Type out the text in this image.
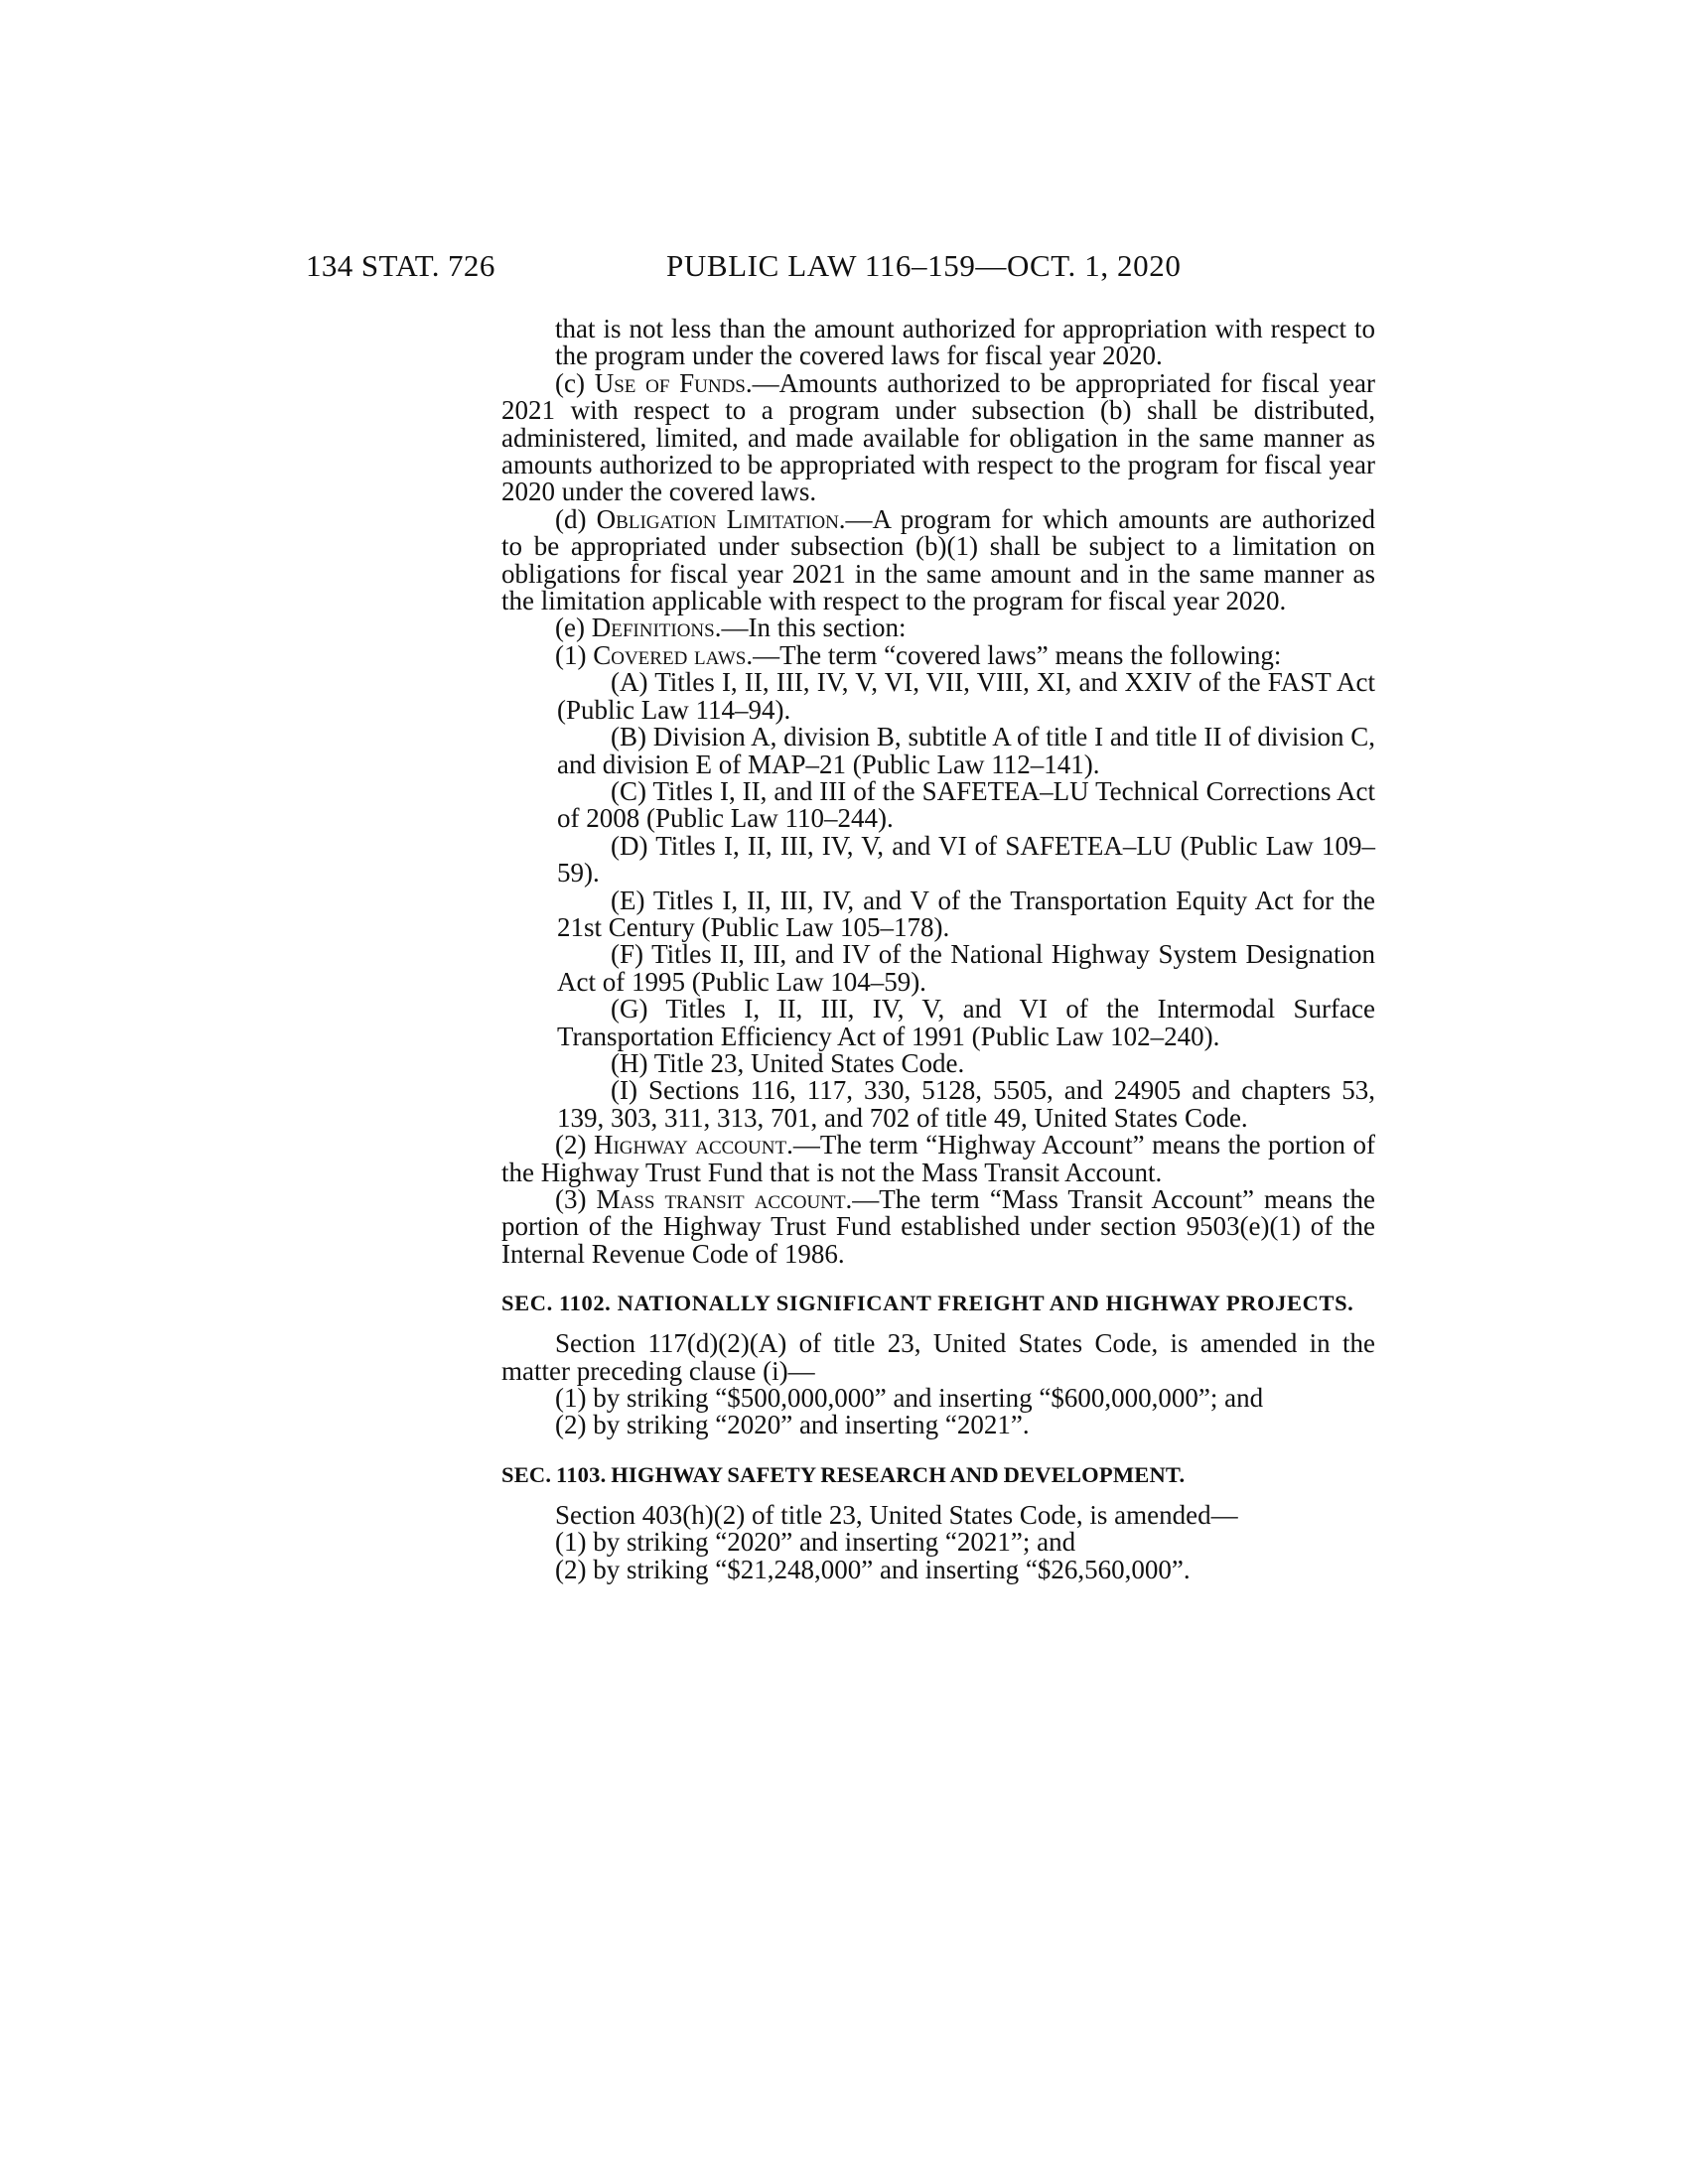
134 STAT. 726	PUBLIC LAW 116–159—OCT. 1, 2020

that is not less than the amount authorized for appropriation with respect to the program under the covered laws for fiscal year 2020.

(c) Use of Funds.—Amounts authorized to be appropriated for fiscal year 2021 with respect to a program under subsection (b) shall be distributed, administered, limited, and made available for obligation in the same manner as amounts authorized to be appropriated with respect to the program for fiscal year 2020 under the covered laws.

(d) Obligation Limitation.—A program for which amounts are authorized to be appropriated under subsection (b)(1) shall be subject to a limitation on obligations for fiscal year 2021 in the same amount and in the same manner as the limitation applicable with respect to the program for fiscal year 2020.

(e) Definitions.—In this section:

(1) Covered laws.—The term “covered laws” means the following:

(A) Titles I, II, III, IV, V, VI, VII, VIII, XI, and XXIV of the FAST Act (Public Law 114–94).

(B) Division A, division B, subtitle A of title I and title II of division C, and division E of MAP–21 (Public Law 112–141).

(C) Titles I, II, and III of the SAFETEA–LU Technical Corrections Act of 2008 (Public Law 110–244).

(D) Titles I, II, III, IV, V, and VI of SAFETEA–LU (Public Law 109–59).

(E) Titles I, II, III, IV, and V of the Transportation Equity Act for the 21st Century (Public Law 105–178).

(F) Titles II, III, and IV of the National Highway System Designation Act of 1995 (Public Law 104–59).

(G) Titles I, II, III, IV, V, and VI of the Intermodal Surface Transportation Efficiency Act of 1991 (Public Law 102–240).

(H) Title 23, United States Code.

(I) Sections 116, 117, 330, 5128, 5505, and 24905 and chapters 53, 139, 303, 311, 313, 701, and 702 of title 49, United States Code.

(2) Highway account.—The term “Highway Account” means the portion of the Highway Trust Fund that is not the Mass Transit Account.

(3) Mass transit account.—The term “Mass Transit Account” means the portion of the Highway Trust Fund established under section 9503(e)(1) of the Internal Revenue Code of 1986.

SEC. 1102. NATIONALLY SIGNIFICANT FREIGHT AND HIGHWAY PROJECTS.

Section 117(d)(2)(A) of title 23, United States Code, is amended in the matter preceding clause (i)—

(1) by striking “$500,000,000” and inserting “$600,000,000”; and

(2) by striking “2020” and inserting “2021”.

SEC. 1103. HIGHWAY SAFETY RESEARCH AND DEVELOPMENT.

Section 403(h)(2) of title 23, United States Code, is amended—

(1) by striking “2020” and inserting “2021”; and

(2) by striking “$21,248,000” and inserting “$26,560,000”.
